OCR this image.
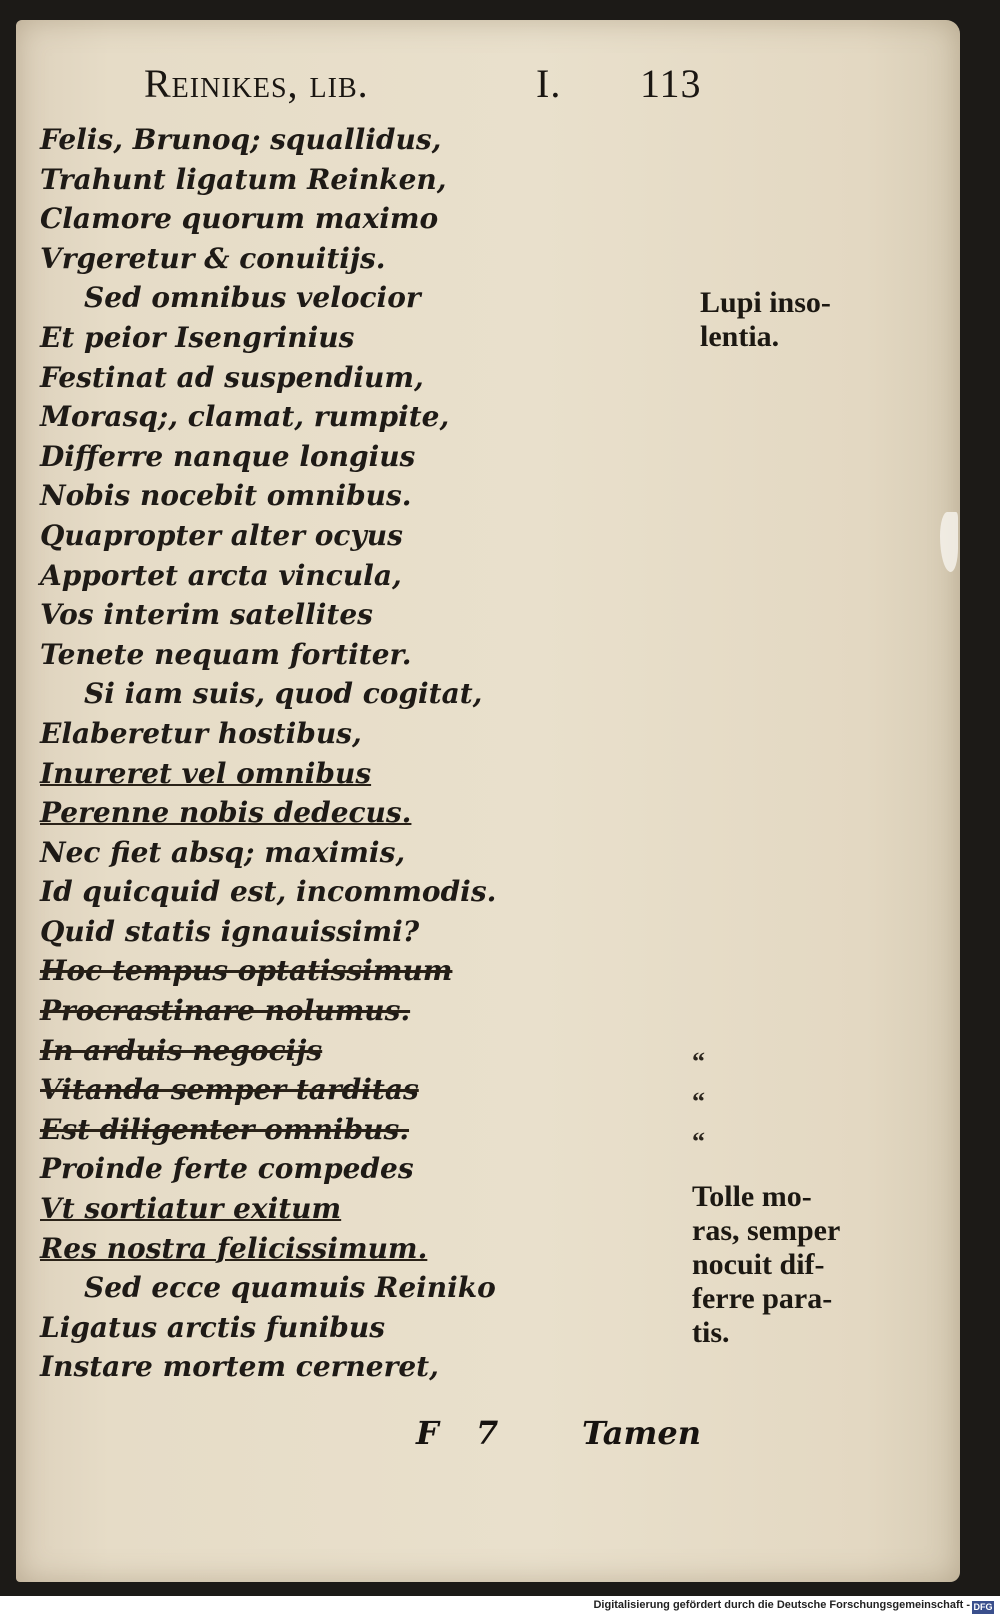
Reinikes, lib.	I. 113
Felis, Brunoq; squallidus,
Trahunt ligatum Reinken,
Clamore quorum maximo
Vrgeretur & conuitijs.
Sed omnibus velocior
Et peior Isengrinius
Festinat ad suspendium,
Morasq;, clamat, rumpite,
Differre nanque longius
Nobis nocebit omnibus.
Quapropter alter ocyus
Apportet arcta vincula,
Vos interim satellites
Tenete nequam fortiter.
Si iam suis, quod cogitat,
Elaberetur hostibus,
Inureret vel omnibus
Perenne nobis dedecus.
Nec fiet absq; maximis,
Id quicquid est, incommodis.
Quid statis ignauissimi?
Hoc tempus optatissimum
Procrastinare nolumus.
In arduis negocijs
Vitanda semper tarditas
Est diligenter omnibus.
Proinde ferte compedes
Vt sortiatur exitum
Res nostra felicissimum.
Sed ecce quamuis Reiniko
Ligatus arctis funibus
Instare mortem cerneret,
Lupi inso-
lentia.
“
“
“
Tolle mo-
ras, semper
nocuit dif-
ferre para-
tis.
F 7	Tamen
Digitalisierung gefördert durch die Deutsche Forschungsgemeinschaft - DFG
